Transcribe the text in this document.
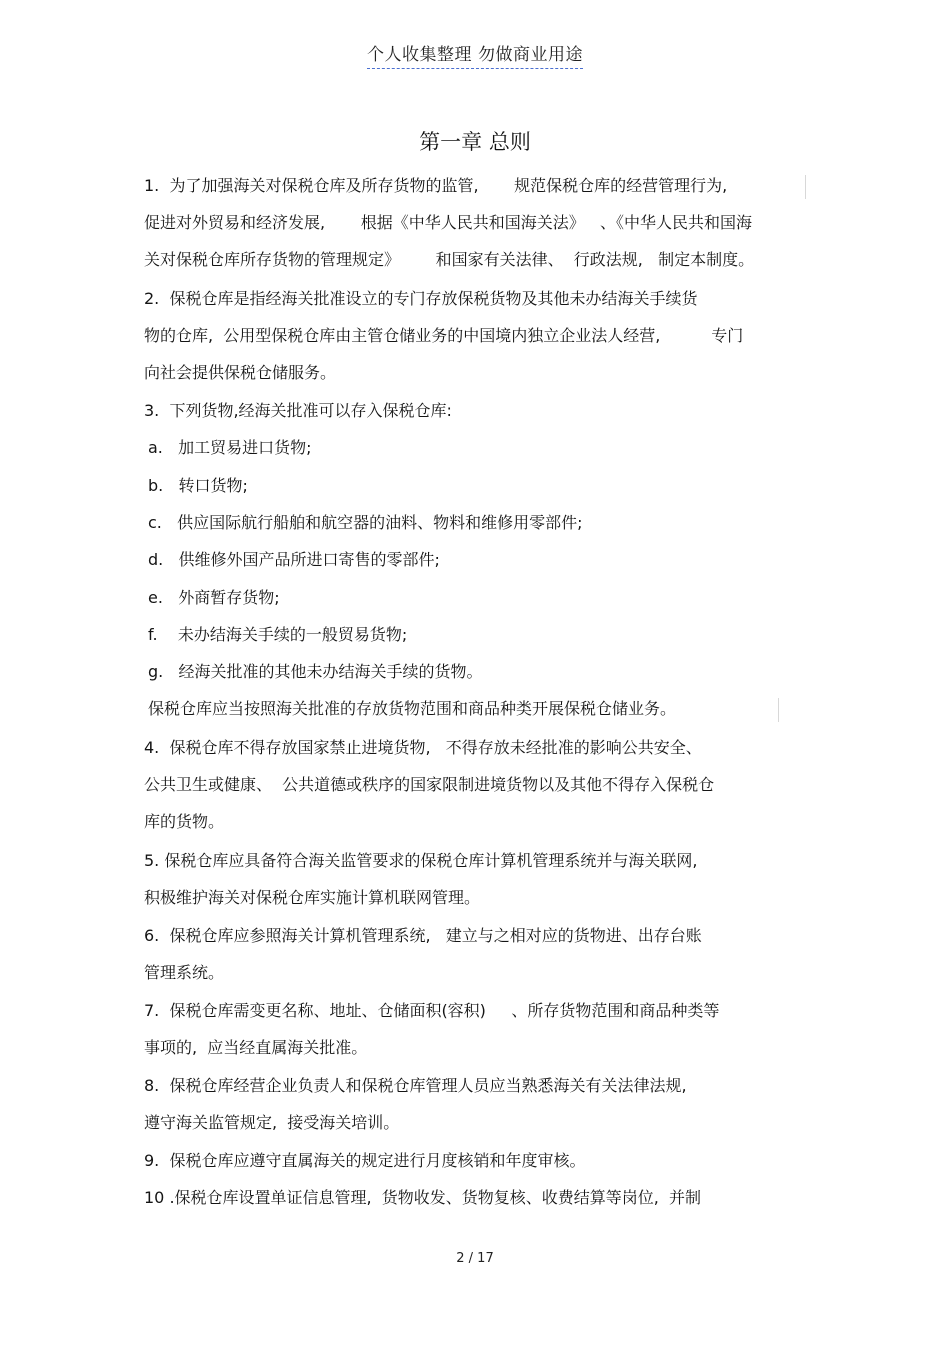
个人收集整理 勿做商业用途
第一章 总则
1.  为了加强海关对保税仓库及所存货物的监管,       规范保税仓库的经营管理行为,
促进对外贸易和经济发展,       根据《中华人民共和国海关法》   、《中华人民共和国海
关对保税仓库所存货物的管理规定》       和国家有关法律、  行政法规,   制定本制度。
2.  保税仓库是指经海关批准设立的专门存放保税货物及其他未办结海关手续货
物的仓库,  公用型保税仓库由主管仓储业务的中国境内独立企业法人经营,          专门
向社会提供保税仓储服务。
3.  下列货物,经海关批准可以存入保税仓库:
a.   加工贸易进口货物;
b.   转口货物;
c.   供应国际航行船舶和航空器的油料、物料和维修用零部件;
d.   供维修外国产品所进口寄售的零部件;
e.   外商暂存货物;
f.    未办结海关手续的一般贸易货物;
g.   经海关批准的其他未办结海关手续的货物。
保税仓库应当按照海关批准的存放货物范围和商品种类开展保税仓储业务。
4.  保税仓库不得存放国家禁止进境货物,   不得存放未经批准的影响公共安全、
公共卫生或健康、  公共道德或秩序的国家限制进境货物以及其他不得存入保税仓
库的货物。
5. 保税仓库应具备符合海关监管要求的保税仓库计算机管理系统并与海关联网,
积极维护海关对保税仓库实施计算机联网管理。
6.  保税仓库应参照海关计算机管理系统,   建立与之相对应的货物进、出存台账
管理系统。
7.  保税仓库需变更名称、地址、仓储面积(容积)     、所存货物范围和商品种类等
事项的,  应当经直属海关批准。
8.  保税仓库经营企业负责人和保税仓库管理人员应当熟悉海关有关法律法规,
遵守海关监管规定,  接受海关培训。
9.  保税仓库应遵守直属海关的规定进行月度核销和年度审核。
10 .保税仓库设置单证信息管理,  货物收发、货物复核、收费结算等岗位,  并制
2 / 17
